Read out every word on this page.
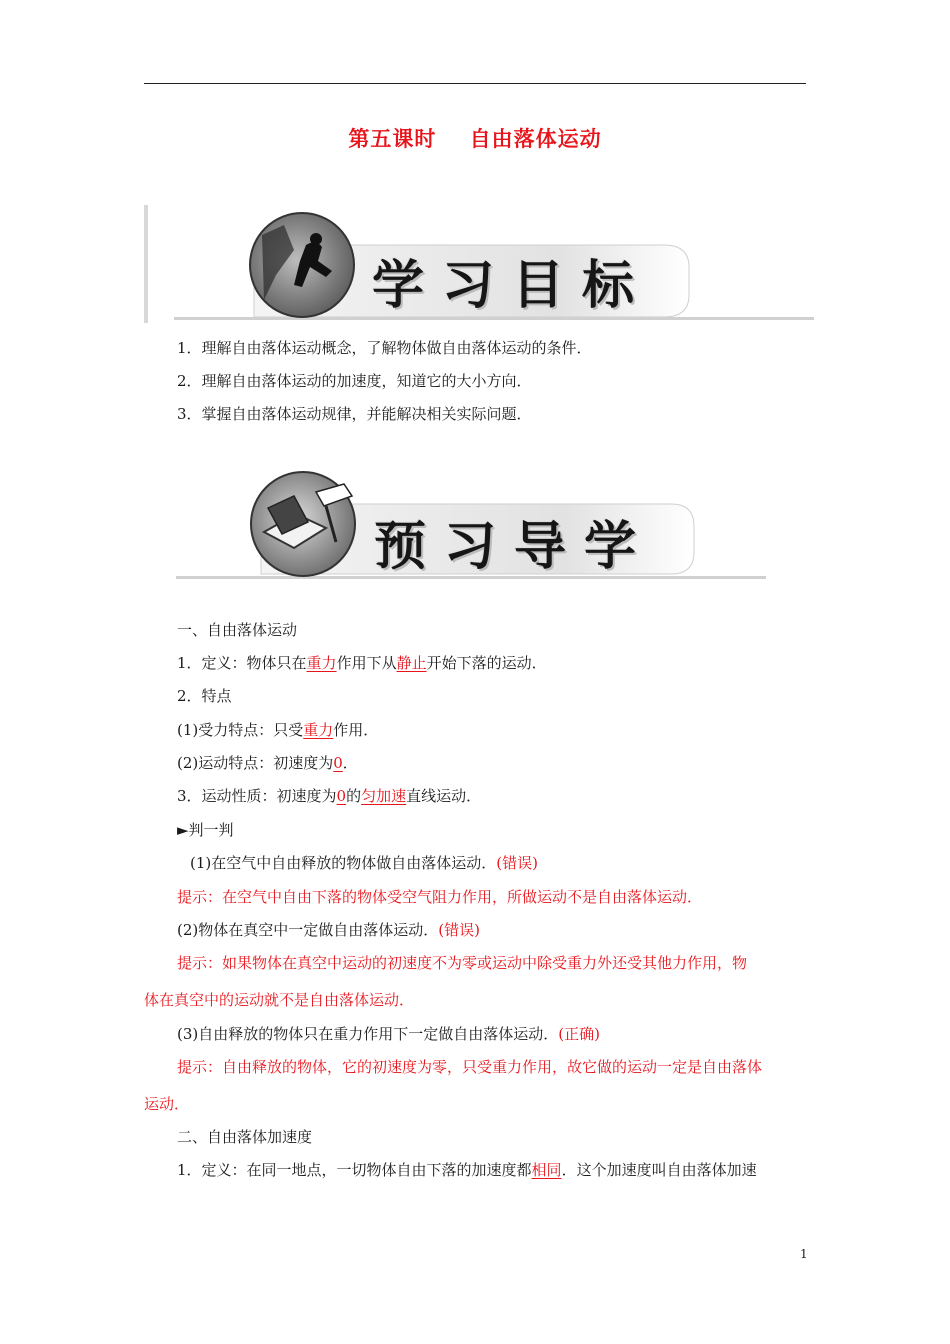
第五课时    自由落体运动
学习目标
1．理解自由落体运动概念，了解物体做自由落体运动的条件．
2．理解自由落体运动的加速度，知道它的大小方向．
3．掌握自由落体运动规律，并能解决相关实际问题．
预习导学
一、自由落体运动
1．定义：物体只在重力作用下从静止开始下落的运动．
2．特点
(1)受力特点：只受重力作用．
(2)运动特点：初速度为0．
3．运动性质：初速度为0的匀加速直线运动．
►判一判
(1)在空气中自由释放的物体做自由落体运动．(错误)
提示：在空气中自由下落的物体受空气阻力作用，所做运动不是自由落体运动．
(2)物体在真空中一定做自由落体运动．(错误)
提示：如果物体在真空中运动的初速度不为零或运动中除受重力外还受其他力作用，物
体在真空中的运动就不是自由落体运动．
(3)自由释放的物体只在重力作用下一定做自由落体运动．(正确)
提示：自由释放的物体，它的初速度为零，只受重力作用，故它做的运动一定是自由落体
运动．
二、自由落体加速度
1．定义：在同一地点，一切物体自由下落的加速度都相同．这个加速度叫自由落体加速
1
